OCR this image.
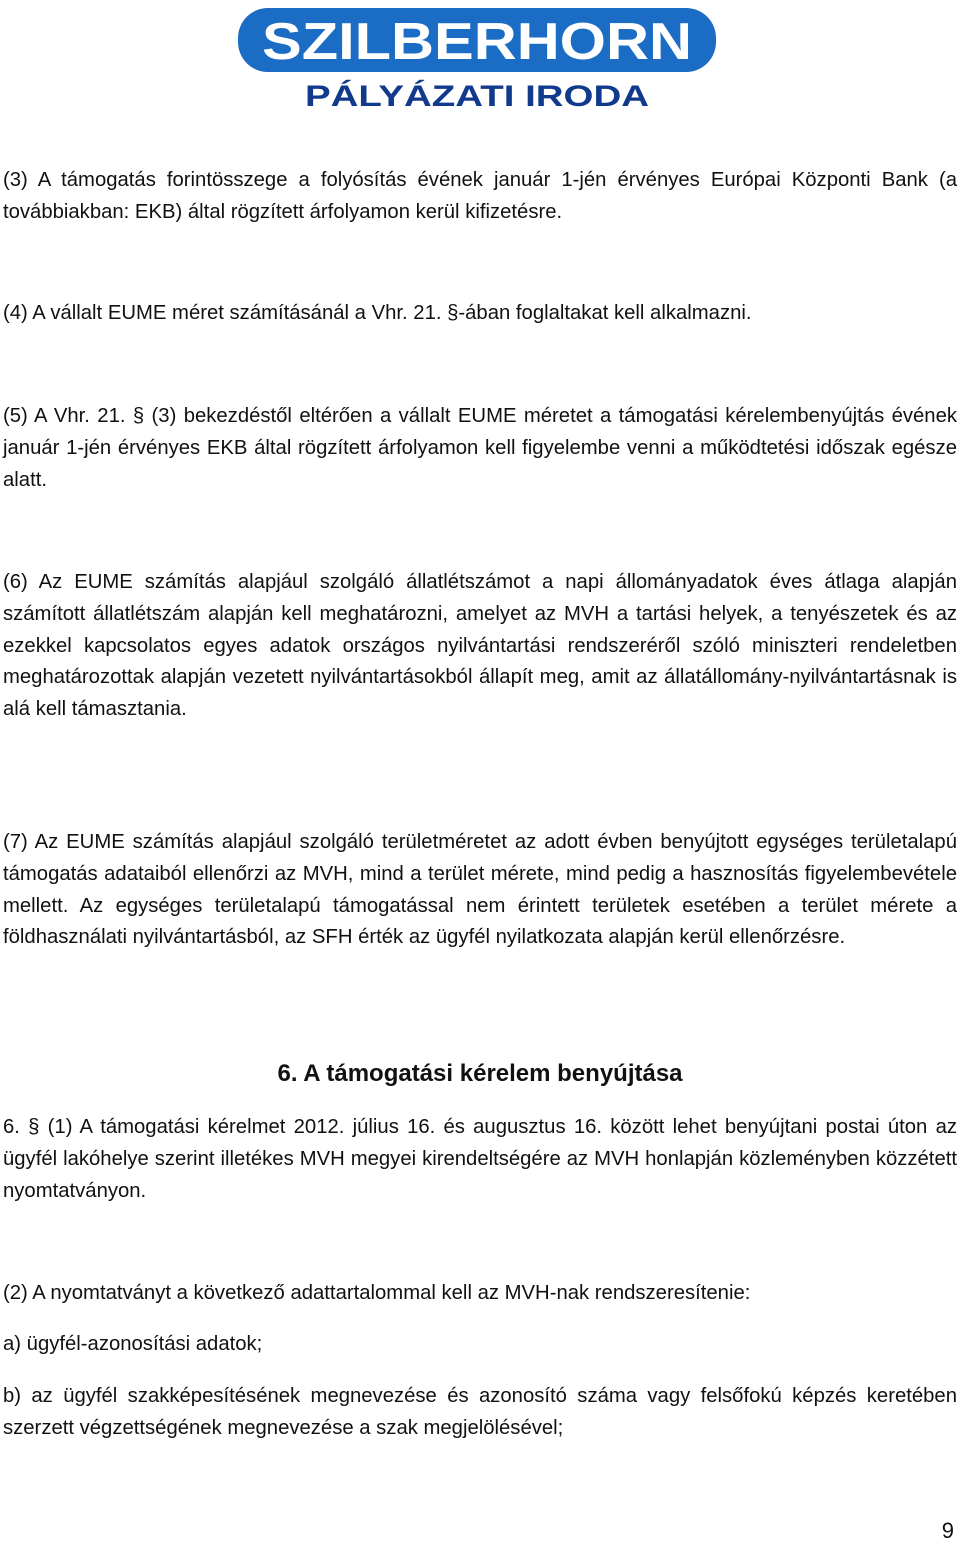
SZILBERHORN
PÁLYÁZATI IRODA

(3) A támogatás forintösszege a folyósítás évének január 1-jén érvényes Európai Központi Bank (a továbbiakban: EKB) által rögzített árfolyamon kerül kifizetésre.

(4) A vállalt EUME méret számításánál a Vhr. 21. §-ában foglaltakat kell alkalmazni.

(5) A Vhr. 21. § (3) bekezdéstől eltérően a vállalt EUME méretet a támogatási kérelembenyújtás évének január 1-jén érvényes EKB által rögzített árfolyamon kell figyelembe venni a működtetési időszak egésze alatt.

(6) Az EUME számítás alapjául szolgáló állatlétszámot a napi állományadatok éves átlaga alapján számított állatlétszám alapján kell meghatározni, amelyet az MVH a tartási helyek, a tenyészetek és az ezekkel kapcsolatos egyes adatok országos nyilvántartási rendszeréről szóló miniszteri rendeletben meghatározottak alapján vezetett nyilvántartásokból állapít meg, amit az állatállomány-nyilvántartásnak is alá kell támasztania.

(7) Az EUME számítás alapjául szolgáló területméretet az adott évben benyújtott egységes területalapú támogatás adataiból ellenőrzi az MVH, mind a terület mérete, mind pedig a hasznosítás figyelembevétele mellett. Az egységes területalapú támogatással nem érintett területek esetében a terület mérete a földhasználati nyilvántartásból, az SFH érték az ügyfél nyilatkozata alapján kerül ellenőrzésre.

6. A támogatási kérelem benyújtása

6. § (1) A támogatási kérelmet 2012. július 16. és augusztus 16. között lehet benyújtani postai úton az ügyfél lakóhelye szerint illetékes MVH megyei kirendeltségére az MVH honlapján közleményben közzétett nyomtatványon.

(2) A nyomtatványt a következő adattartalommal kell az MVH-nak rendszeresítenie:

a) ügyfél-azonosítási adatok;

b) az ügyfél szakképesítésének megnevezése és azonosító száma vagy felsőfokú képzés keretében szerzett végzettségének megnevezése a szak megjelölésével;

9
